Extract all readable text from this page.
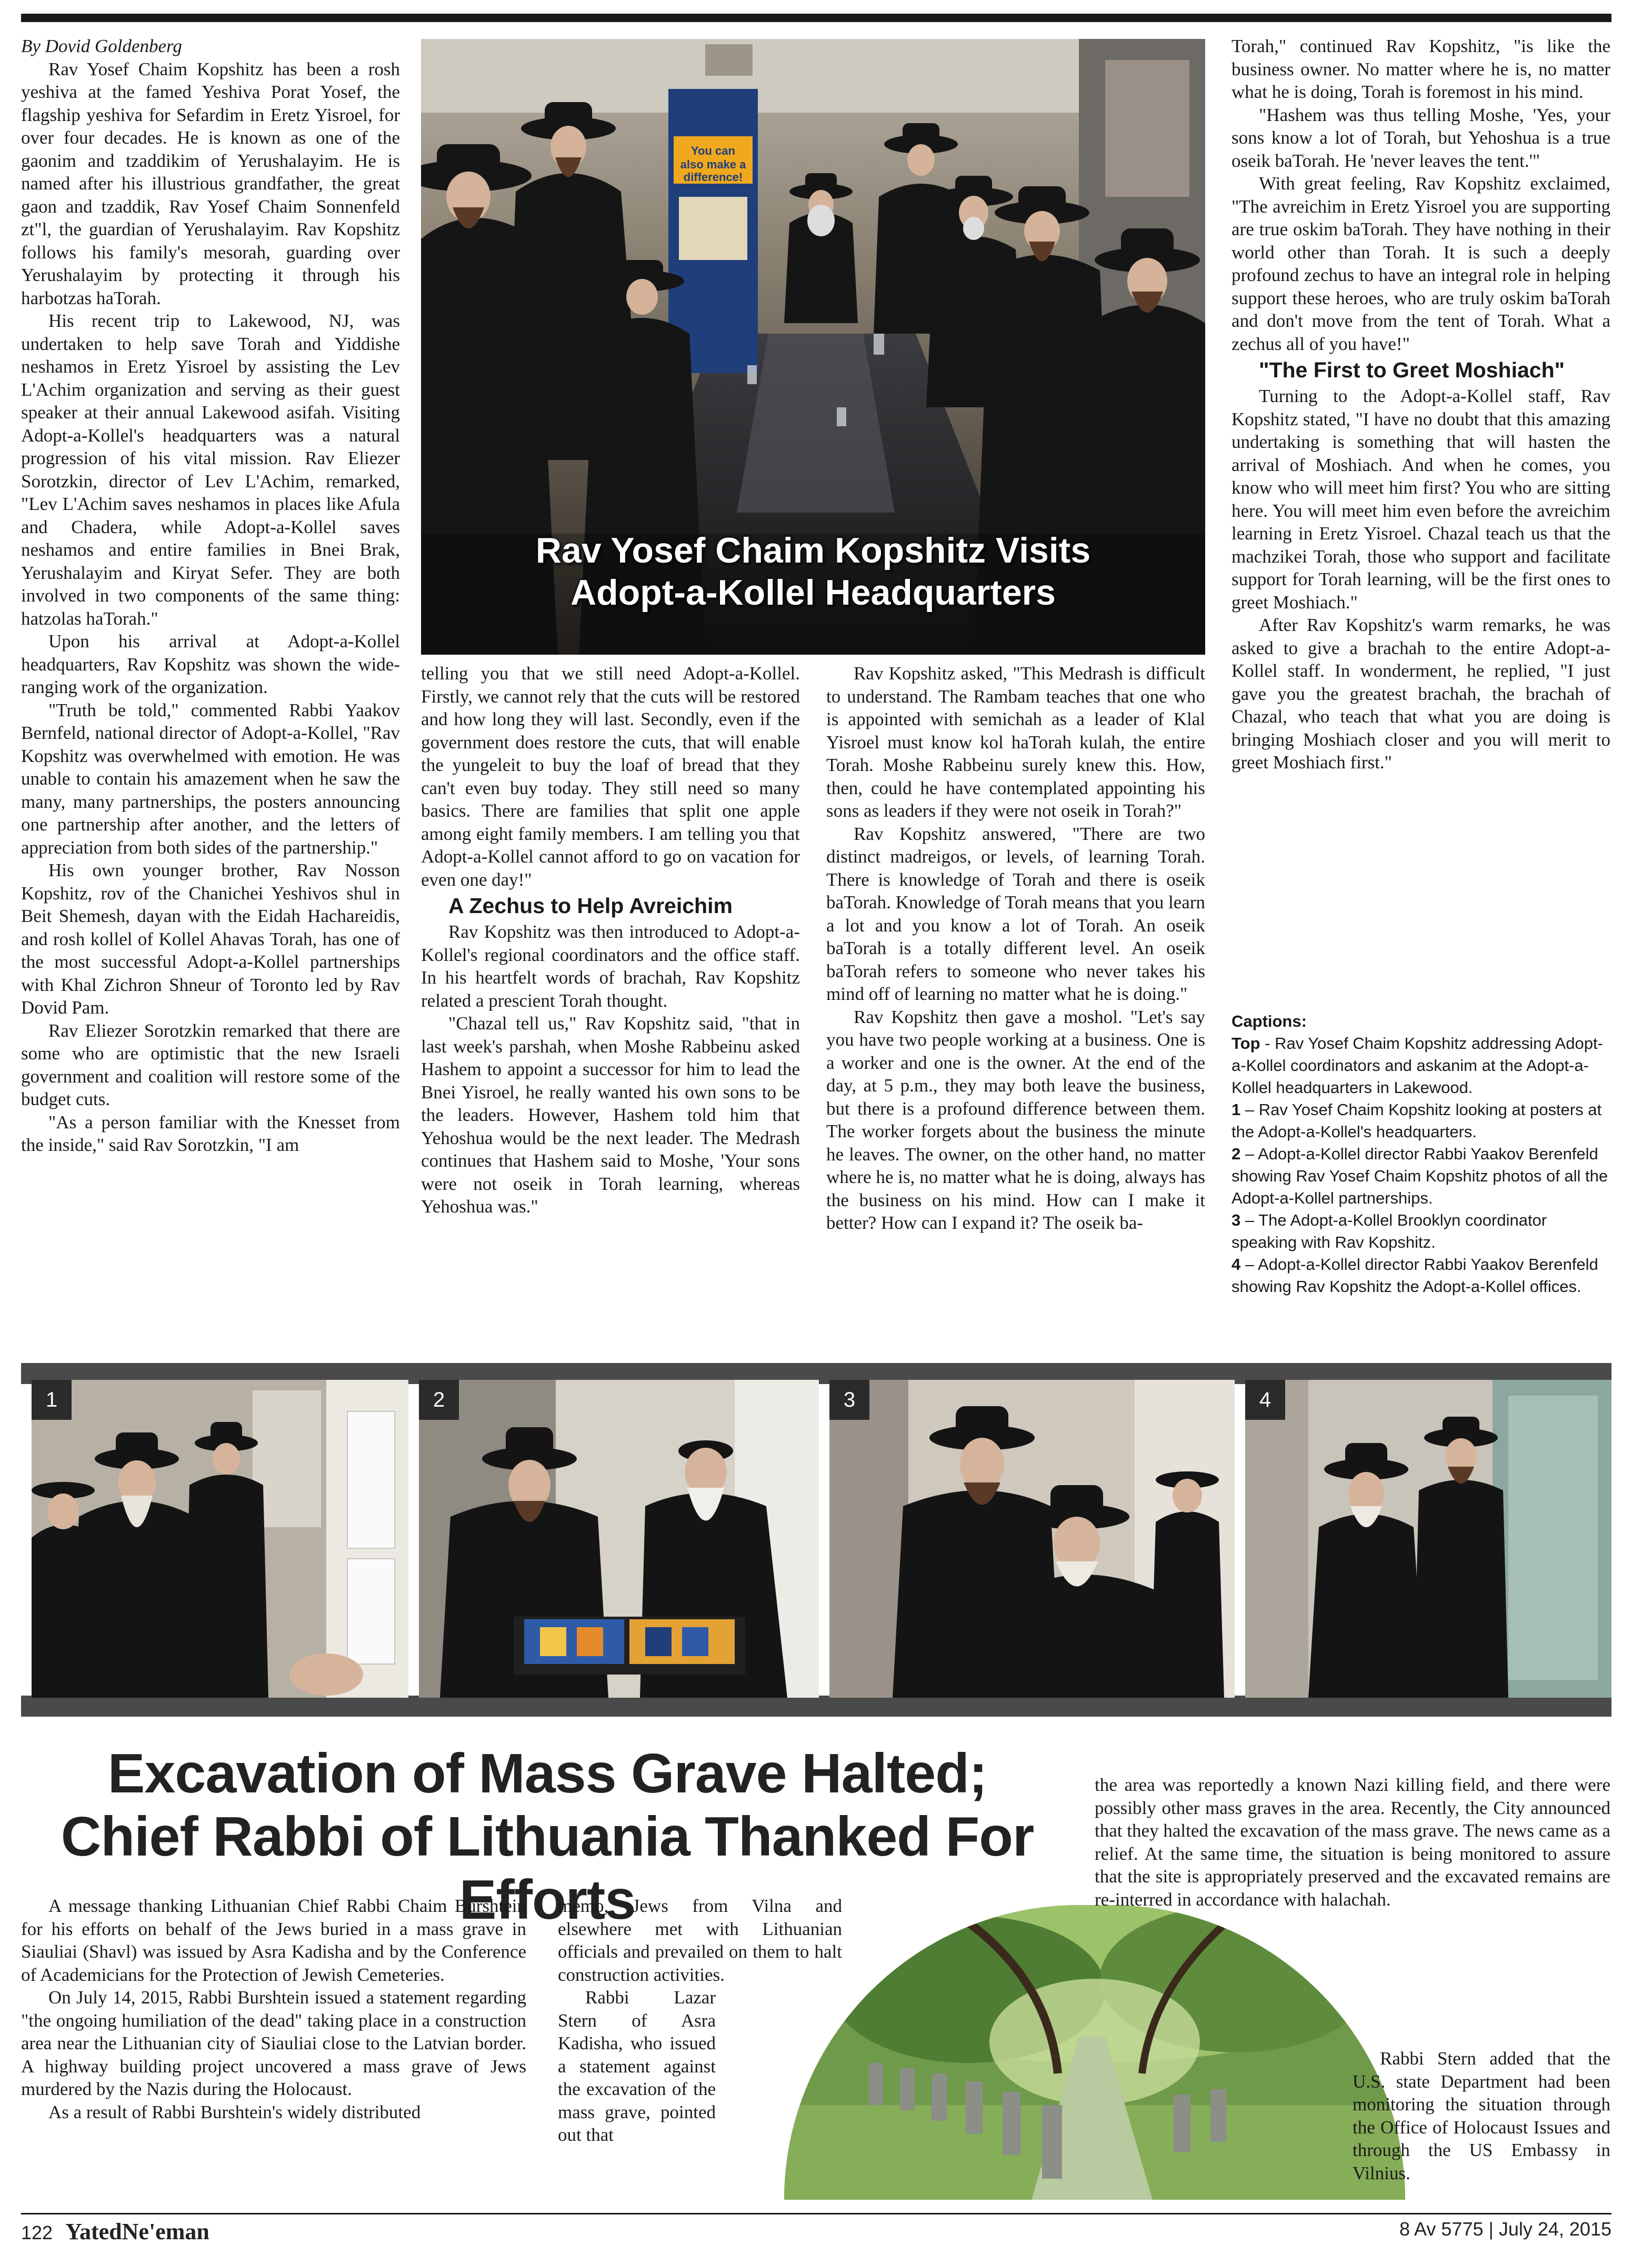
By Dovid Goldenberg

Rav Yosef Chaim Kopshitz has been a rosh yeshiva at the famed Yeshiva Porat Yosef, the flagship yeshiva for Sefardim in Eretz Yisroel, for over four decades. He is known as one of the gaonim and tzaddikim of Yerushalayim. He is named after his illustrious grandfather, the great gaon and tzaddik, Rav Yosef Chaim Sonnenfeld zt"l, the guardian of Yerushalayim. Rav Kopshitz follows his family's mesorah, guarding over Yerushalayim by protecting it through his harbotzas haTorah.

His recent trip to Lakewood, NJ, was undertaken to help save Torah and Yiddishe neshamos in Eretz Yisroel by assisting the Lev L'Achim organization and serving as their guest speaker at their annual Lakewood asifah. Visiting Adopt-a-Kollel's headquarters was a natural progression of his vital mission. Rav Eliezer Sorotzkin, director of Lev L'Achim, remarked, "Lev L'Achim saves neshamos in places like Afula and Chadera, while Adopt-a-Kollel saves neshamos and entire families in Bnei Brak, Yerushalayim and Kiryat Sefer. They are both involved in two components of the same thing: hatzolas haTorah."

Upon his arrival at Adopt-a-Kollel headquarters, Rav Kopshitz was shown the wide-ranging work of the organization.

"Truth be told," commented Rabbi Yaakov Bernfeld, national director of Adopt-a-Kollel, "Rav Kopshitz was overwhelmed with emotion. He was unable to contain his amazement when he saw the many, many partnerships, the posters announcing one partnership after another, and the letters of appreciation from both sides of the partnership."

His own younger brother, Rav Nosson Kopshitz, rov of the Chanichei Yeshivos shul in Beit Shemesh, dayan with the Eidah Hachareidis, and rosh kollel of Kollel Ahavas Torah, has one of the most successful Adopt-a-Kollel partnerships with Khal Zichron Shneur of Toronto led by Rav Dovid Pam.

Rav Eliezer Sorotzkin remarked that there are some who are optimistic that the new Israeli government and coalition will restore some of the budget cuts.

"As a person familiar with the Knesset from the inside," said Rav Sorotzkin, "I am

You can
also make a
difference!
Rav Yosef Chaim Kopshitz Visits
Adopt-a-Kollel Headquarters

telling you that we still need Adopt-a-Kollel. Firstly, we cannot rely that the cuts will be restored and how long they will last. Secondly, even if the government does restore the cuts, that will enable the yungeleit to buy the loaf of bread that they can't even buy today. They still need so many basics. There are families that split one apple among eight family members. I am telling you that Adopt-a-Kollel cannot afford to go on vacation for even one day!"

A Zechus to Help Avreichim

Rav Kopshitz was then introduced to Adopt-a-Kollel's regional coordinators and the office staff. In his heartfelt words of brachah, Rav Kopshitz related a prescient Torah thought.

"Chazal tell us," Rav Kopshitz said, "that in last week's parshah, when Moshe Rabbeinu asked Hashem to appoint a successor for him to lead the Bnei Yisroel, he really wanted his own sons to be the leaders. However, Hashem told him that Yehoshua would be the next leader. The Medrash continues that Hashem said to Moshe, 'Your sons were not oseik in Torah learning, whereas Yehoshua was."

Rav Kopshitz asked, "This Medrash is difficult to understand. The Rambam teaches that one who is appointed with semichah as a leader of Klal Yisroel must know kol haTorah kulah, the entire Torah. Moshe Rabbeinu surely knew this. How, then, could he have contemplated appointing his sons as leaders if they were not oseik in Torah?"

Rav Kopshitz answered, "There are two distinct madreigos, or levels, of learning Torah. There is knowledge of Torah and there is oseik baTorah. Knowledge of Torah means that you learn a lot and you know a lot of Torah. An oseik baTorah is a totally different level. An oseik baTorah refers to someone who never takes his mind off of learning no matter what he is doing."

Rav Kopshitz then gave a moshol. "Let's say you have two people working at a business. One is a worker and one is the owner. At the end of the day, at 5 p.m., they may both leave the business, but there is a profound difference between them. The worker forgets about the business the minute he leaves. The owner, on the other hand, no matter where he is, no matter what he is doing, always has the business on his mind. How can I make it better? How can I expand it? The oseik ba-

Torah," continued Rav Kopshitz, "is like the business owner. No matter where he is, no matter what he is doing, Torah is foremost in his mind.

"Hashem was thus telling Moshe, 'Yes, your sons know a lot of Torah, but Yehoshua is a true oseik baTorah. He 'never leaves the tent.'"

With great feeling, Rav Kopshitz exclaimed, "The avreichim in Eretz Yisroel you are supporting are true oskim baTorah. They have nothing in their world other than Torah. It is such a deeply profound zechus to have an integral role in helping support these heroes, who are truly oskim baTorah and don't move from the tent of Torah. What a zechus all of you have!"

"The First to Greet Moshiach"

Turning to the Adopt-a-Kollel staff, Rav Kopshitz stated, "I have no doubt that this amazing undertaking is something that will hasten the arrival of Moshiach. And when he comes, you know who will meet him first? You who are sitting here. You will meet him even before the avreichim learning in Eretz Yisroel. Chazal teach us that the machzikei Torah, those who support and facilitate support for Torah learning, will be the first ones to greet Moshiach."

After Rav Kopshitz's warm remarks, he was asked to give a brachah to the entire Adopt-a-Kollel staff. In wonderment, he replied, "I just gave you the greatest brachah, the brachah of Chazal, who teach that what you are doing is bringing Moshiach closer and you will merit to greet Moshiach first."

Captions:
Top - Rav Yosef Chaim Kopshitz addressing Adopt-a-Kollel coordinators and askanim at the Adopt-a-Kollel headquarters in Lakewood.
1 – Rav Yosef Chaim Kopshitz looking at posters at the Adopt-a-Kollel's headquarters.
2 – Adopt-a-Kollel director Rabbi Yaakov Berenfeld showing Rav Yosef Chaim Kopshitz photos of all the Adopt-a-Kollel partnerships.
3 – The Adopt-a-Kollel Brooklyn coordinator speaking with Rav Kopshitz.
4 – Adopt-a-Kollel director Rabbi Yaakov Berenfeld showing Rav Kopshitz the Adopt-a-Kollel offices.
1	2	3	4
Excavation of Mass Grave Halted;
Chief Rabbi of Lithuania Thanked For Efforts

A message thanking Lithuanian Chief Rabbi Chaim Burshtein for his efforts on behalf of the Jews buried in a mass grave in Siauliai (Shavl) was issued by Asra Kadisha and by the Conference of Academicians for the Protection of Jewish Cemeteries.

On July 14, 2015, Rabbi Burshtein issued a statement regarding "the ongoing humiliation of the dead" taking place in a construction area near the Lithuanian city of Siauliai close to the Latvian border. A highway building project uncovered a mass grave of Jews murdered by the Nazis during the Holocaust.

As a result of Rabbi Burshtein's widely distributed

memo, Jews from Vilna and elsewhere met with Lithuanian officials and prevailed on them to halt construction activities.

Rabbi Lazar Stern of Asra Kadisha, who issued a statement against the excavation of the mass grave, pointed out that

the area was reportedly a known Nazi killing field, and there were possibly other mass graves in the area. Recently, the City announced that they halted the excavation of the mass grave. The news came as a relief. At the same time, the situation is being monitored to assure that the site is appropriately preserved and the excavated remains are re-interred in accordance with halachah.

Rabbi Stern added that the U.S. state Department had been monitoring the situation through the Office of Holocaust Issues and through the US Embassy in Vilnius.

122 YatedNe'eman	8 Av 5775 | July 24, 2015
